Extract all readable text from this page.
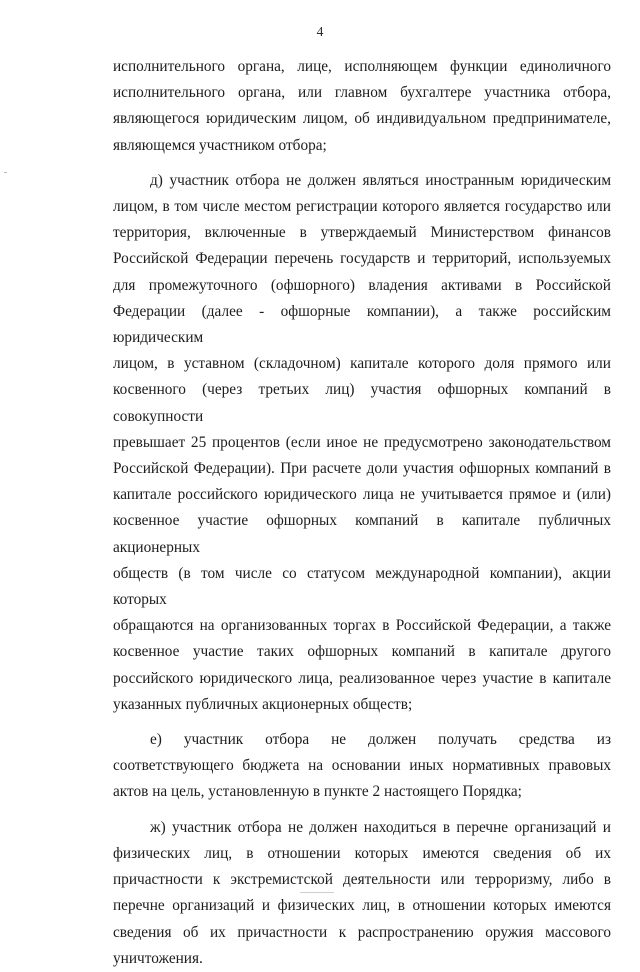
4

исполнительного органа, лице, исполняющем функции единоличного

исполнительного органа, или главном бухгалтере участника отбора,

являющегося юридическим лицом, об индивидуальном предпринимателе,

являющемся участником отбора;

д) участник отбора не должен являться иностранным юридическим

лицом, в том числе местом регистрации которого является государство или

территория, включенные в утверждаемый Министерством финансов

Российской Федерации перечень государств и территорий, используемых

для промежуточного (офшорного) владения активами в Российской

Федерации (далее - офшорные компании), а также российским юридическим

лицом, в уставном (складочном) капитале которого доля прямого или

косвенного (через третьих лиц) участия офшорных компаний в совокупности

превышает 25 процентов (если иное не предусмотрено законодательством

Российской Федерации). При расчете доли участия офшорных компаний в

капитале российского юридического лица не учитывается прямое и (или)

косвенное участие офшорных компаний в капитале публичных акционерных

обществ (в том числе со статусом международной компании), акции которых

обращаются на организованных торгах в Российской Федерации, а также

косвенное участие таких офшорных компаний в капитале другого

российского юридического лица, реализованное через участие в капитале

указанных публичных акционерных обществ;

е) участник отбора не должен получать средства из

соответствующего бюджета на основании иных нормативных правовых

актов на цель, установленную в пункте 2 настоящего Порядка;

ж) участник отбора не должен находиться в перечне организаций и

физических лиц, в отношении которых имеются сведения об их

причастности к экстремистской деятельности или терроризму, либо в

перечне организаций и физических лиц, в отношении которых имеются

сведения об их причастности к распространению оружия массового

уничтожения.
